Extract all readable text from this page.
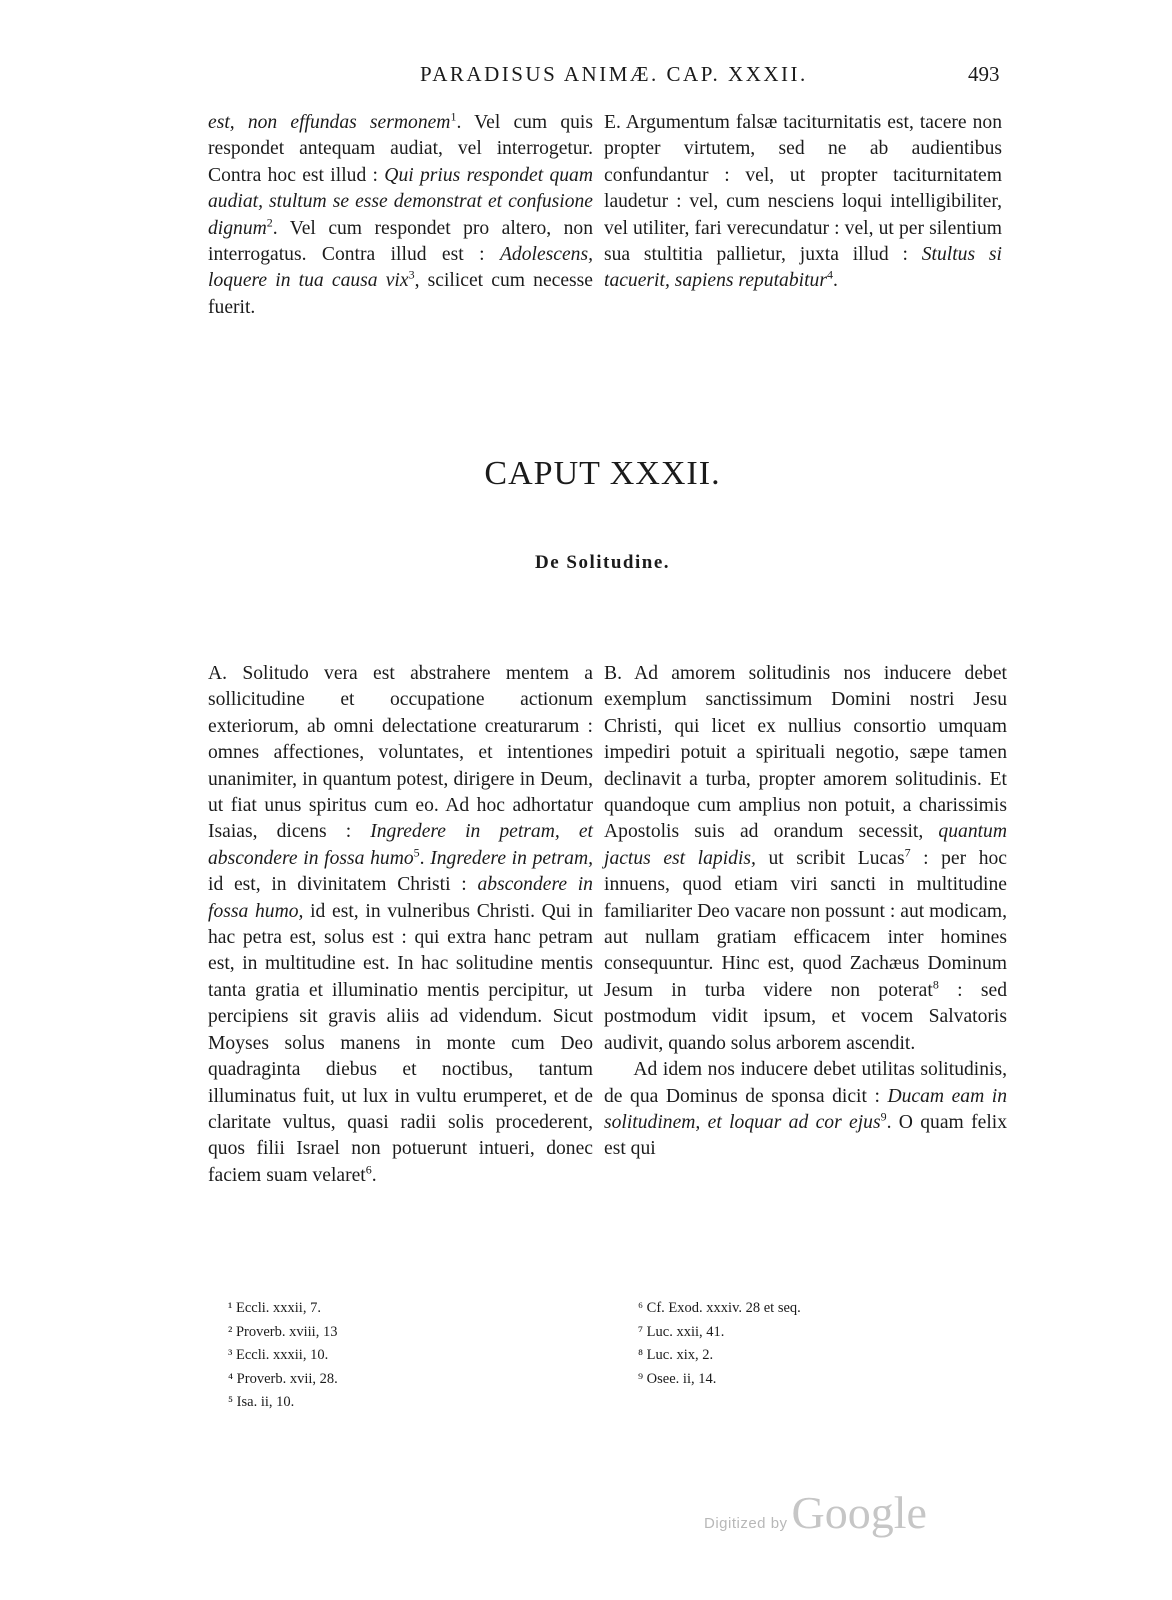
PARADISUS ANIMÆ. CAP. XXXII.	493

est, non effundas sermonem$^1$. Vel cum quis respondet antequam audiat, vel interrogetur. Contra hoc est illud : Qui prius respondet quam audiat, stultum se esse demonstrat et confusione dignum$^2$. Vel cum respondet pro altero, non interrogatus. Contra illud est : Adolescens, loquere in tua causa vix$^3$, scilicet cum necesse fuerit.

E. Argumentum falsæ taciturnitatis est, tacere non propter virtutem, sed ne ab audientibus confundantur : vel, ut propter taciturnitatem laudetur : vel, cum nesciens loqui intelligibiliter, vel utiliter, fari verecundatur : vel, ut per silentium sua stultitia pallietur, juxta illud : Stultus si tacuerit, sapiens reputabitur$^4$.

CAPUT XXXII.
De Solitudine.

A. Solitudo vera est abstrahere mentem a sollicitudine et occupatione actionum exteriorum, ab omni delectatione creaturarum : omnes affectiones, voluntates, et intentiones unanimiter, in quantum potest, dirigere in Deum, ut fiat unus spiritus cum eo. Ad hoc adhortatur Isaias, dicens : Ingredere in petram, et abscondere in fossa humo$^5$. Ingredere in petram, id est, in divinitatem Christi : abscondere in fossa humo, id est, in vulneribus Christi. Qui in hac petra est, solus est : qui extra hanc petram est, in multitudine est. In hac solitudine mentis tanta gratia et illuminatio mentis percipitur, ut percipiens sit gravis aliis ad videndum. Sicut Moyses solus manens in monte cum Deo quadraginta diebus et noctibus, tantum illuminatus fuit, ut lux in vultu erumperet, et de claritate vultus, quasi radii solis procederent, quos filii Israel non potuerunt intueri, donec faciem suam velaret$^6$.

B. Ad amorem solitudinis nos inducere debet exemplum sanctissimum Domini nostri Jesu Christi, qui licet ex nullius consortio umquam impediri potuit a spirituali negotio, sæpe tamen declinavit a turba, propter amorem solitudinis. Et quandoque cum amplius non potuit, a charissimis Apostolis suis ad orandum secessit, quantum jactus est lapidis, ut scribit Lucas$^7$ : per hoc innuens, quod etiam viri sancti in multitudine familiariter Deo vacare non possunt : aut modicam, aut nullam gratiam efficacem inter homines consequuntur. Hinc est, quod Zachæus Dominum Jesum in turba videre non poterat$^8$ : sed postmodum vidit ipsum, et vocem Salvatoris audivit, quando solus arborem ascendit.

Ad idem nos inducere debet utilitas solitudinis, de qua Dominus de sponsa dicit : Ducam eam in solitudinem, et loquar ad cor ejus$^9$. O quam felix est qui

¹ Eccli. xxxii, 7.
² Proverb. xviii, 13
³ Eccli. xxxii, 10.
⁴ Proverb. xvii, 28.
⁵ Isa. ii, 10.
⁶ Cf. Exod. xxxiv. 28 et seq.
⁷ Luc. xxii, 41.
⁸ Luc. xix, 2.
⁹ Osee. ii, 14.
Digitized by Google
